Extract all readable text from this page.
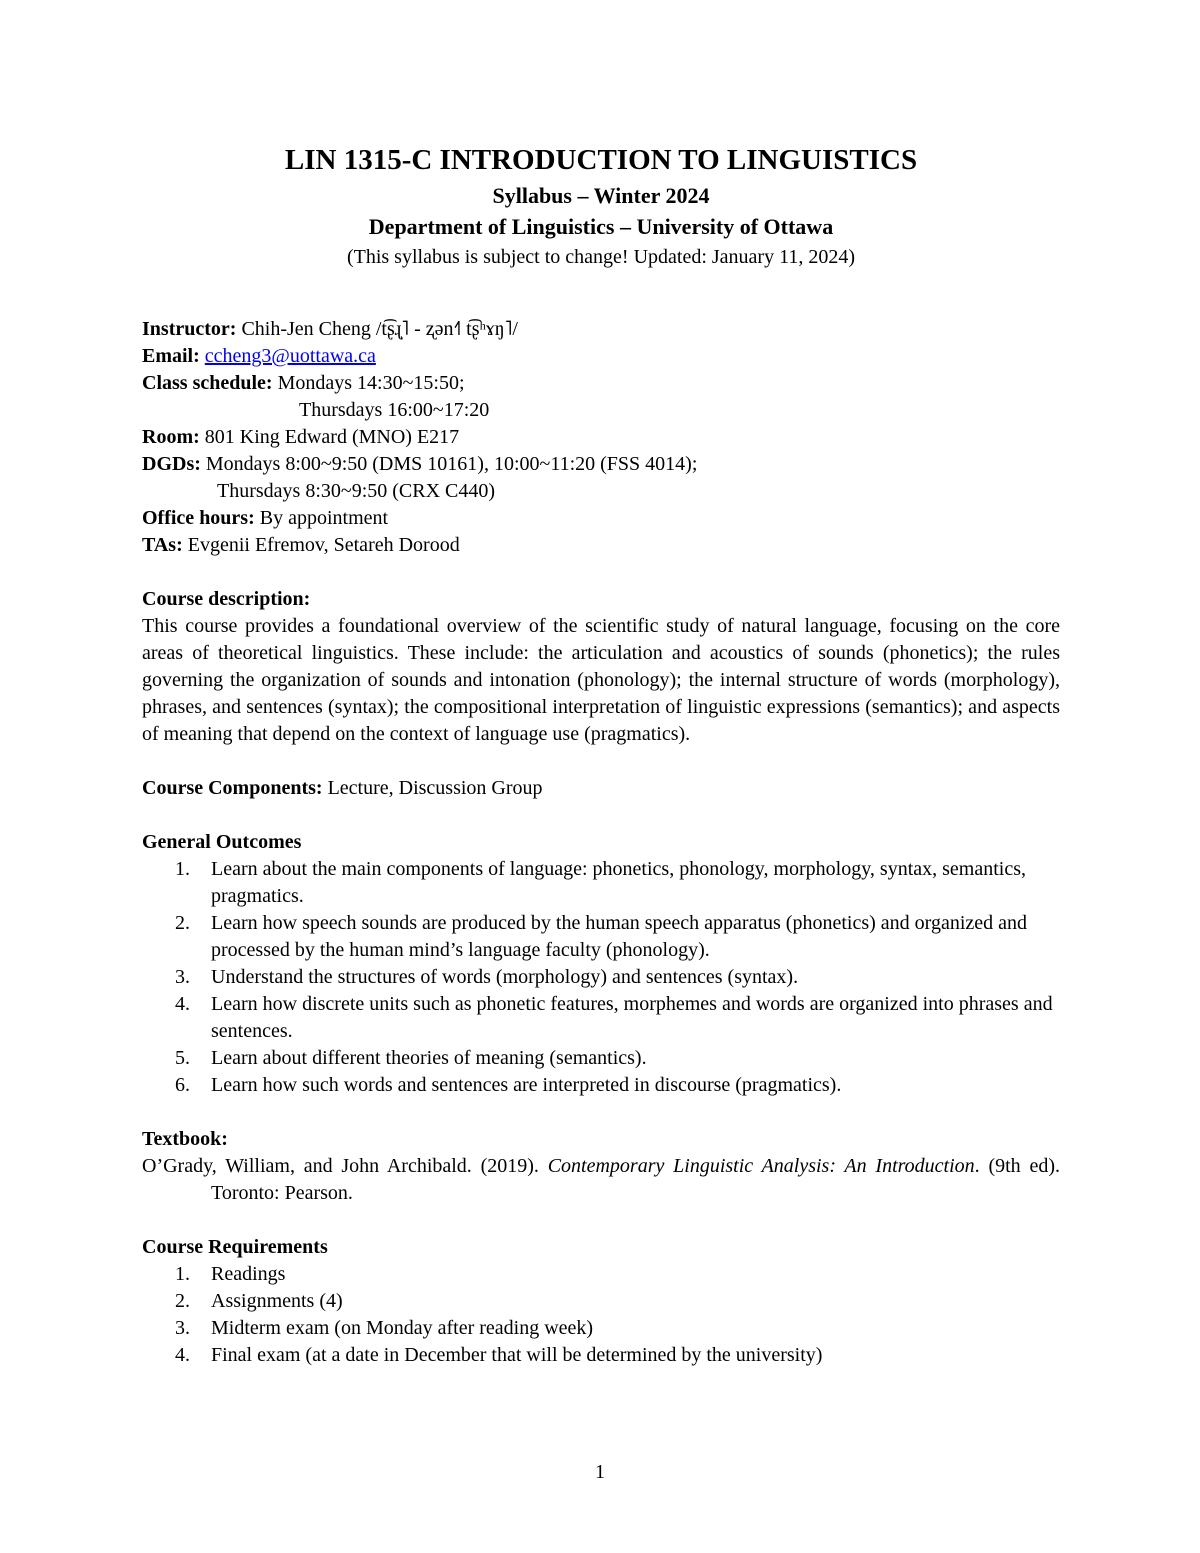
LIN 1315-C INTRODUCTION TO LINGUISTICS

Syllabus – Winter 2024

Department of Linguistics – University of Ottawa

(This syllabus is subject to change! Updated: January 11, 2024)

Instructor: Chih-Jen Cheng /t͡ʂɻ̩˥ - ʐən˧˥ t͡ʂʰɤŋ˥/
Email: ccheng3@uottawa.ca
Class schedule: Mondays 14:30~15:50;
Thursdays 16:00~17:20
Room: 801 King Edward (MNO) E217
DGDs: Mondays 8:00~9:50 (DMS 10161), 10:00~11:20 (FSS 4014);
Thursdays 8:30~9:50 (CRX C440)
Office hours: By appointment
TAs: Evgenii Efremov, Setareh Dorood
Course description:
This course provides a foundational overview of the scientific study of natural language, focusing on the core areas of theoretical linguistics. These include: the articulation and acoustics of sounds (phonetics); the rules governing the organization of sounds and intonation (phonology); the internal structure of words (morphology), phrases, and sentences (syntax); the compositional interpretation of linguistic expressions (semantics); and aspects of meaning that depend on the context of language use (pragmatics).
Course Components: Lecture, Discussion Group
General Outcomes
1. Learn about the main components of language: phonetics, phonology, morphology, syntax, semantics, pragmatics.
2. Learn how speech sounds are produced by the human speech apparatus (phonetics) and organized and processed by the human mind’s language faculty (phonology).
3. Understand the structures of words (morphology) and sentences (syntax).
4. Learn how discrete units such as phonetic features, morphemes and words are organized into phrases and sentences.
5. Learn about different theories of meaning (semantics).
6. Learn how such words and sentences are interpreted in discourse (pragmatics).
Textbook:
O’Grady, William, and John Archibald. (2019). Contemporary Linguistic Analysis: An Introduction. (9th ed). Toronto: Pearson.
Course Requirements
1. Readings
2. Assignments (4)
3. Midterm exam (on Monday after reading week)
4. Final exam (at a date in December that will be determined by the university)
1
